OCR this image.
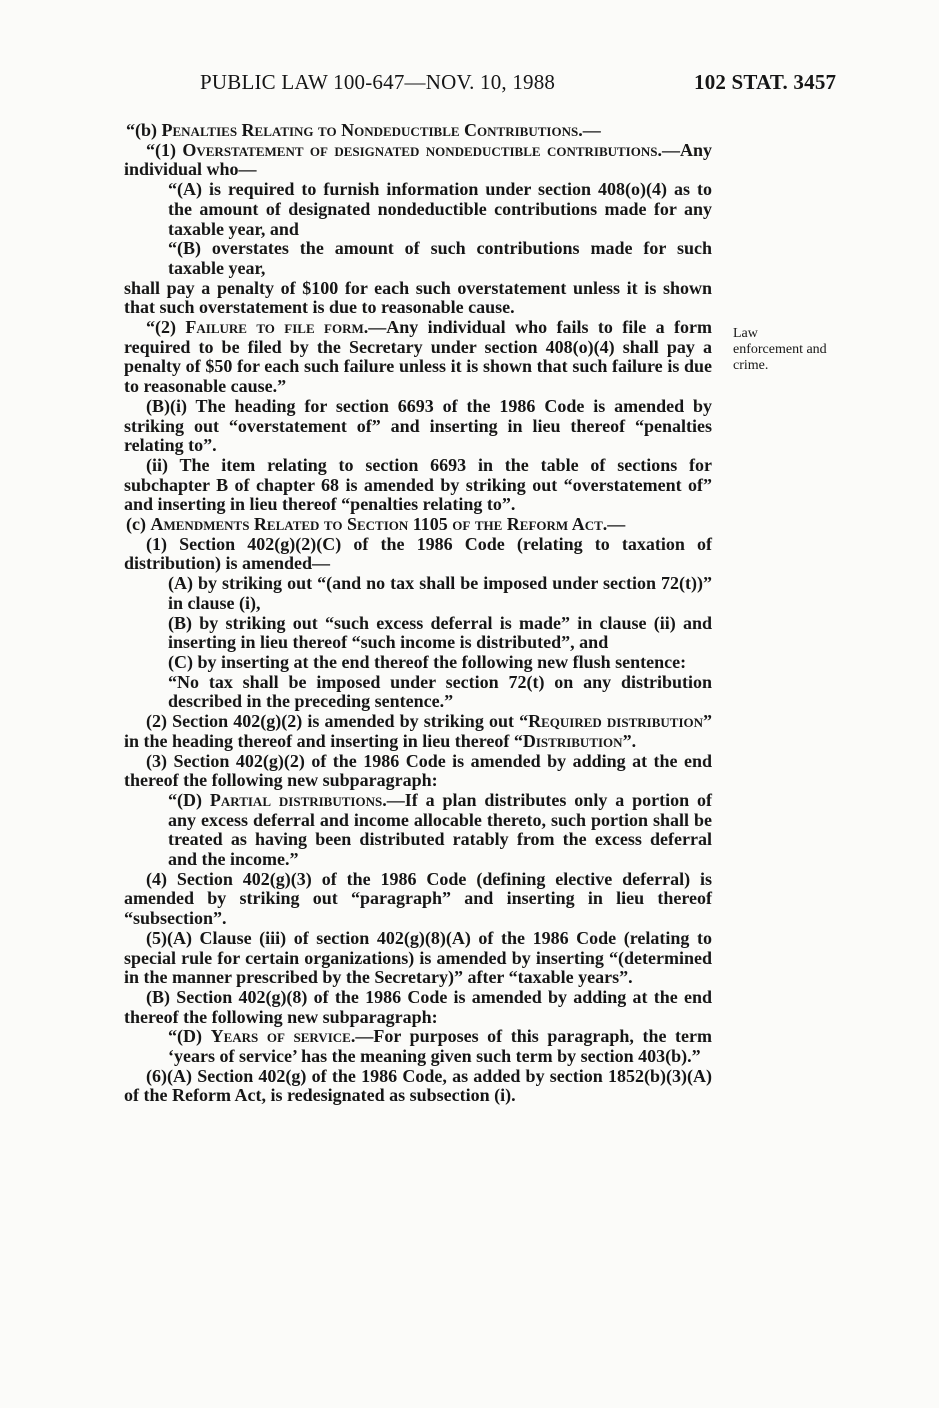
PUBLIC LAW 100-647—NOV. 10, 1988	102 STAT. 3457

“(b) Penalties Relating to Nondeductible Contributions.—

“(1) Overstatement of designated nondeductible contributions.—Any individual who—

“(A) is required to furnish information under section 408(o)(4) as to the amount of designated nondeductible contributions made for any taxable year, and

“(B) overstates the amount of such contributions made for such taxable year,

shall pay a penalty of $100 for each such overstatement unless it is shown that such overstatement is due to reasonable cause.

“(2) Failure to file form.—Any individual who fails to file a form required to be filed by the Secretary under section 408(o)(4) shall pay a penalty of $50 for each such failure unless it is shown that such failure is due to reasonable cause.”

(B)(i) The heading for section 6693 of the 1986 Code is amended by striking out “overstatement of” and inserting in lieu thereof “penalties relating to”.

(ii) The item relating to section 6693 in the table of sections for subchapter B of chapter 68 is amended by striking out “overstatement of” and inserting in lieu thereof “penalties relating to”.

(c) Amendments Related to Section 1105 of the Reform Act.—

(1) Section 402(g)(2)(C) of the 1986 Code (relating to taxation of distribution) is amended—

(A) by striking out “(and no tax shall be imposed under section 72(t))” in clause (i),

(B) by striking out “such excess deferral is made” in clause (ii) and inserting in lieu thereof “such income is distributed”, and

(C) by inserting at the end thereof the following new flush sentence:

“No tax shall be imposed under section 72(t) on any distribution described in the preceding sentence.”

(2) Section 402(g)(2) is amended by striking out “Required distribution” in the heading thereof and inserting in lieu thereof “Distribution”.

(3) Section 402(g)(2) of the 1986 Code is amended by adding at the end thereof the following new subparagraph:

“(D) Partial distributions.—If a plan distributes only a portion of any excess deferral and income allocable thereto, such portion shall be treated as having been distributed ratably from the excess deferral and the income.”

(4) Section 402(g)(3) of the 1986 Code (defining elective deferral) is amended by striking out “paragraph” and inserting in lieu thereof “subsection”.

(5)(A) Clause (iii) of section 402(g)(8)(A) of the 1986 Code (relating to special rule for certain organizations) is amended by inserting “(determined in the manner prescribed by the Secretary)” after “taxable years”.

(B) Section 402(g)(8) of the 1986 Code is amended by adding at the end thereof the following new subparagraph:

“(D) Years of service.—For purposes of this paragraph, the term ‘years of service’ has the meaning given such term by section 403(b).”

(6)(A) Section 402(g) of the 1986 Code, as added by section 1852(b)(3)(A) of the Reform Act, is redesignated as subsection (i).

Law
enforcement and
crime.
